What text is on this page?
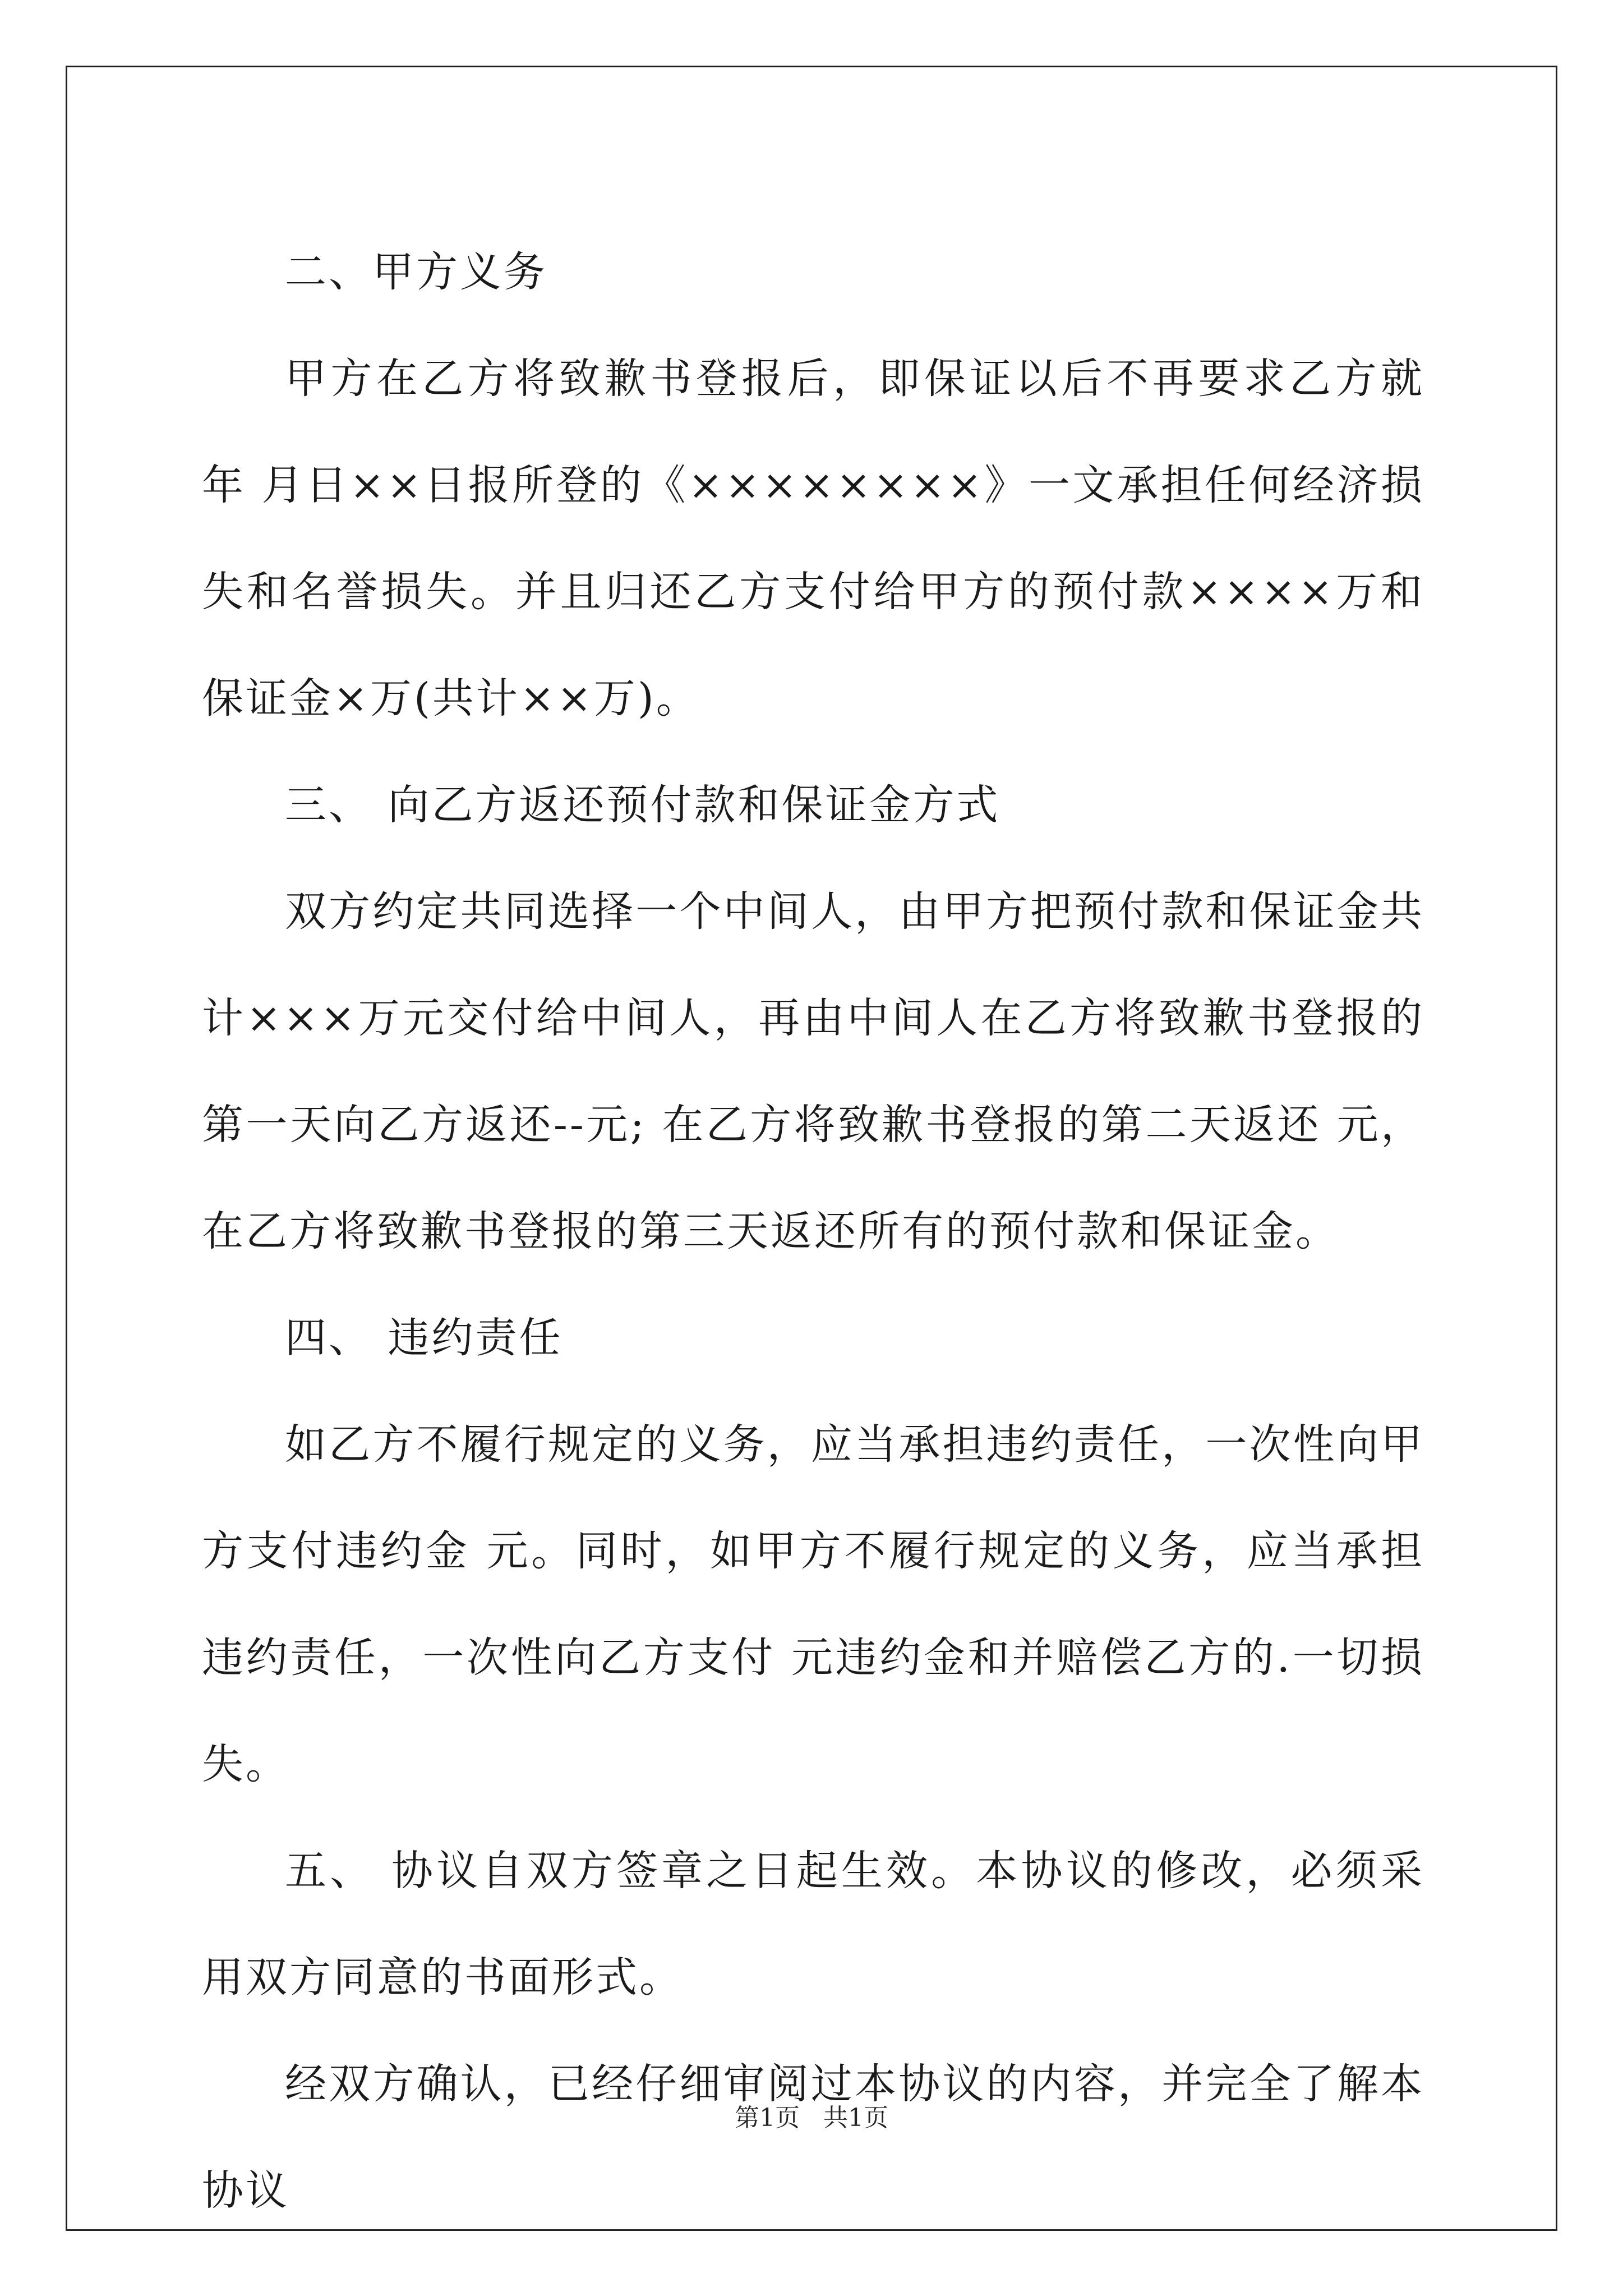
二、甲方义务

甲方在乙方将致歉书登报后，即保证以后不再要求乙方就 年 月日××日报所登的《××××××××》一文承担任何经济损失和名誉损失。并且归还乙方支付给甲方的预付款××××万和保证金×万(共计××万)。

三、 向乙方返还预付款和保证金方式

双方约定共同选择一个中间人，由甲方把预付款和保证金共计×××万元交付给中间人，再由中间人在乙方将致歉书登报的第一天向乙方返还--元; 在乙方将致歉书登报的第二天返还 元，在乙方将致歉书登报的第三天返还所有的预付款和保证金。

四、 违约责任

如乙方不履行规定的义务，应当承担违约责任，一次性向甲方支付违约金 元。同时，如甲方不履行规定的义务，应当承担违约责任，一次性向乙方支付 元违约金和并赔偿乙方的.一切损失。

五、 协议自双方签章之日起生效。本协议的修改，必须采用双方同意的书面形式。

经双方确认，已经仔细审阅过本协议的内容，并完全了解本协议

第1页 共1页
